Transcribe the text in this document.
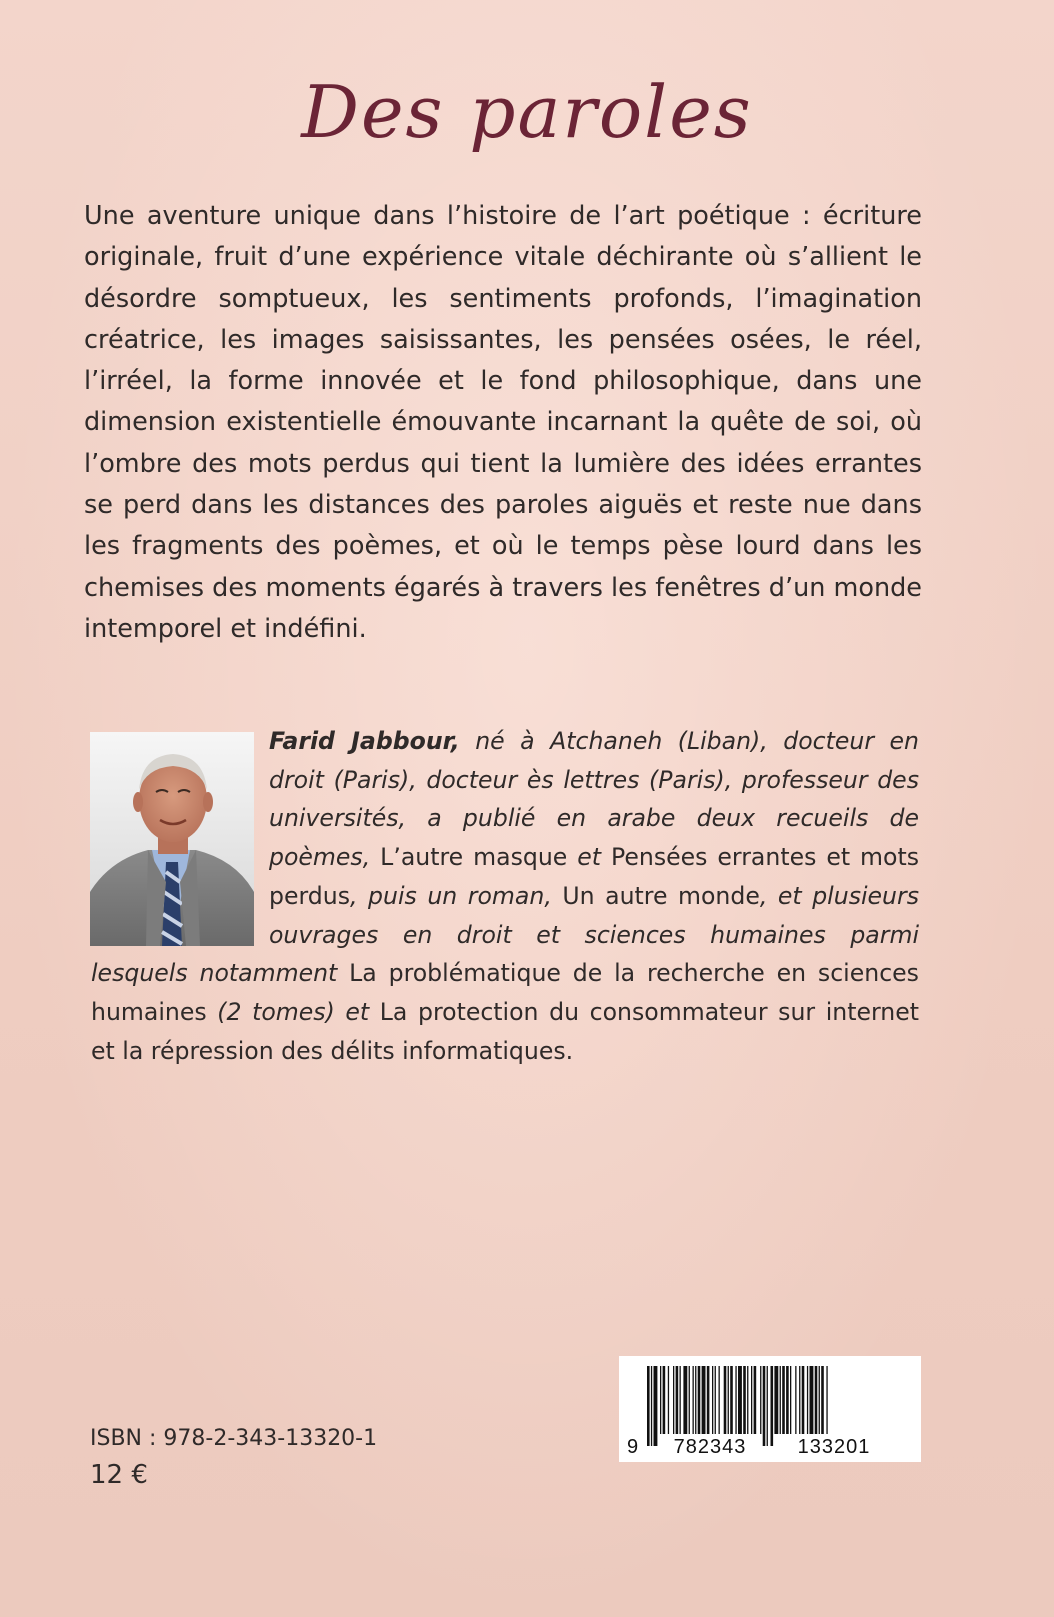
Des paroles

Une aventure unique dans l’histoire de l’art poétique : écriture originale, fruit d’une expérience vitale déchirante où s’allient le désordre somptueux, les sentiments profonds, l’imagination créatrice, les images saisissantes, les pensées osées, le réel, l’irréel, la forme innovée et le fond philosophique, dans une dimension existentielle émouvante incarnant la quête de soi, où l’ombre des mots perdus qui tient la lumière des idées errantes se perd dans les distances des paroles aiguës et reste nue dans les fragments des poèmes, et où le temps pèse lourd dans les chemises des moments égarés à travers les fenêtres d’un monde intemporel et indéfini.

Farid Jabbour, né à Atchaneh (Liban), docteur en droit (Paris), docteur ès lettres (Paris), professeur des universités, a publié en arabe deux recueils de poèmes, L’autre masque et Pensées errantes et mots perdus, puis un roman, Un autre monde, et plusieurs ouvrages en droit et sciences humaines parmi lesquels notamment La problématique de la recherche en sciences humaines (2 tomes) et La protection du consommateur sur internet et la répression des délits informatiques.

ISBN : 978-2-343-13320-1
12 €
9	782343	133201
